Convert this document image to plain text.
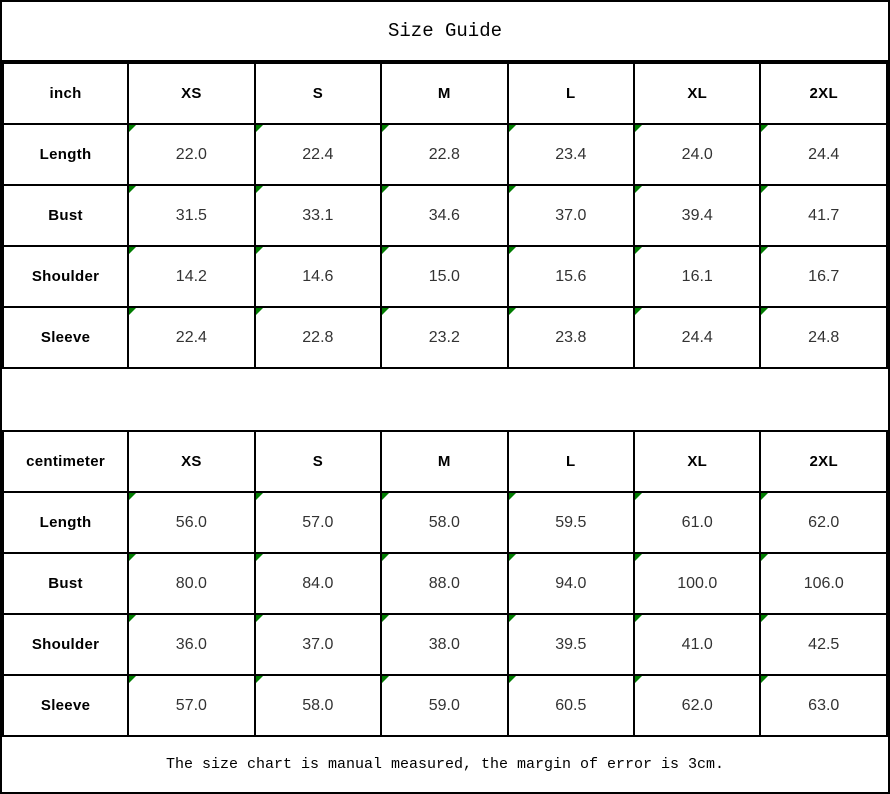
Size Guide
inch	XS	S	M	L	XL	2XL
Length	22.0	22.4	22.8	23.4	24.0	24.4
Bust	31.5	33.1	34.6	37.0	39.4	41.7
Shoulder	14.2	14.6	15.0	15.6	16.1	16.7
Sleeve	22.4	22.8	23.2	23.8	24.4	24.8
centimeter	XS	S	M	L	XL	2XL
Length	56.0	57.0	58.0	59.5	61.0	62.0
Bust	80.0	84.0	88.0	94.0	100.0	106.0
Shoulder	36.0	37.0	38.0	39.5	41.0	42.5
Sleeve	57.0	58.0	59.0	60.5	62.0	63.0
The size chart is manual measured, the margin of error is 3cm.
